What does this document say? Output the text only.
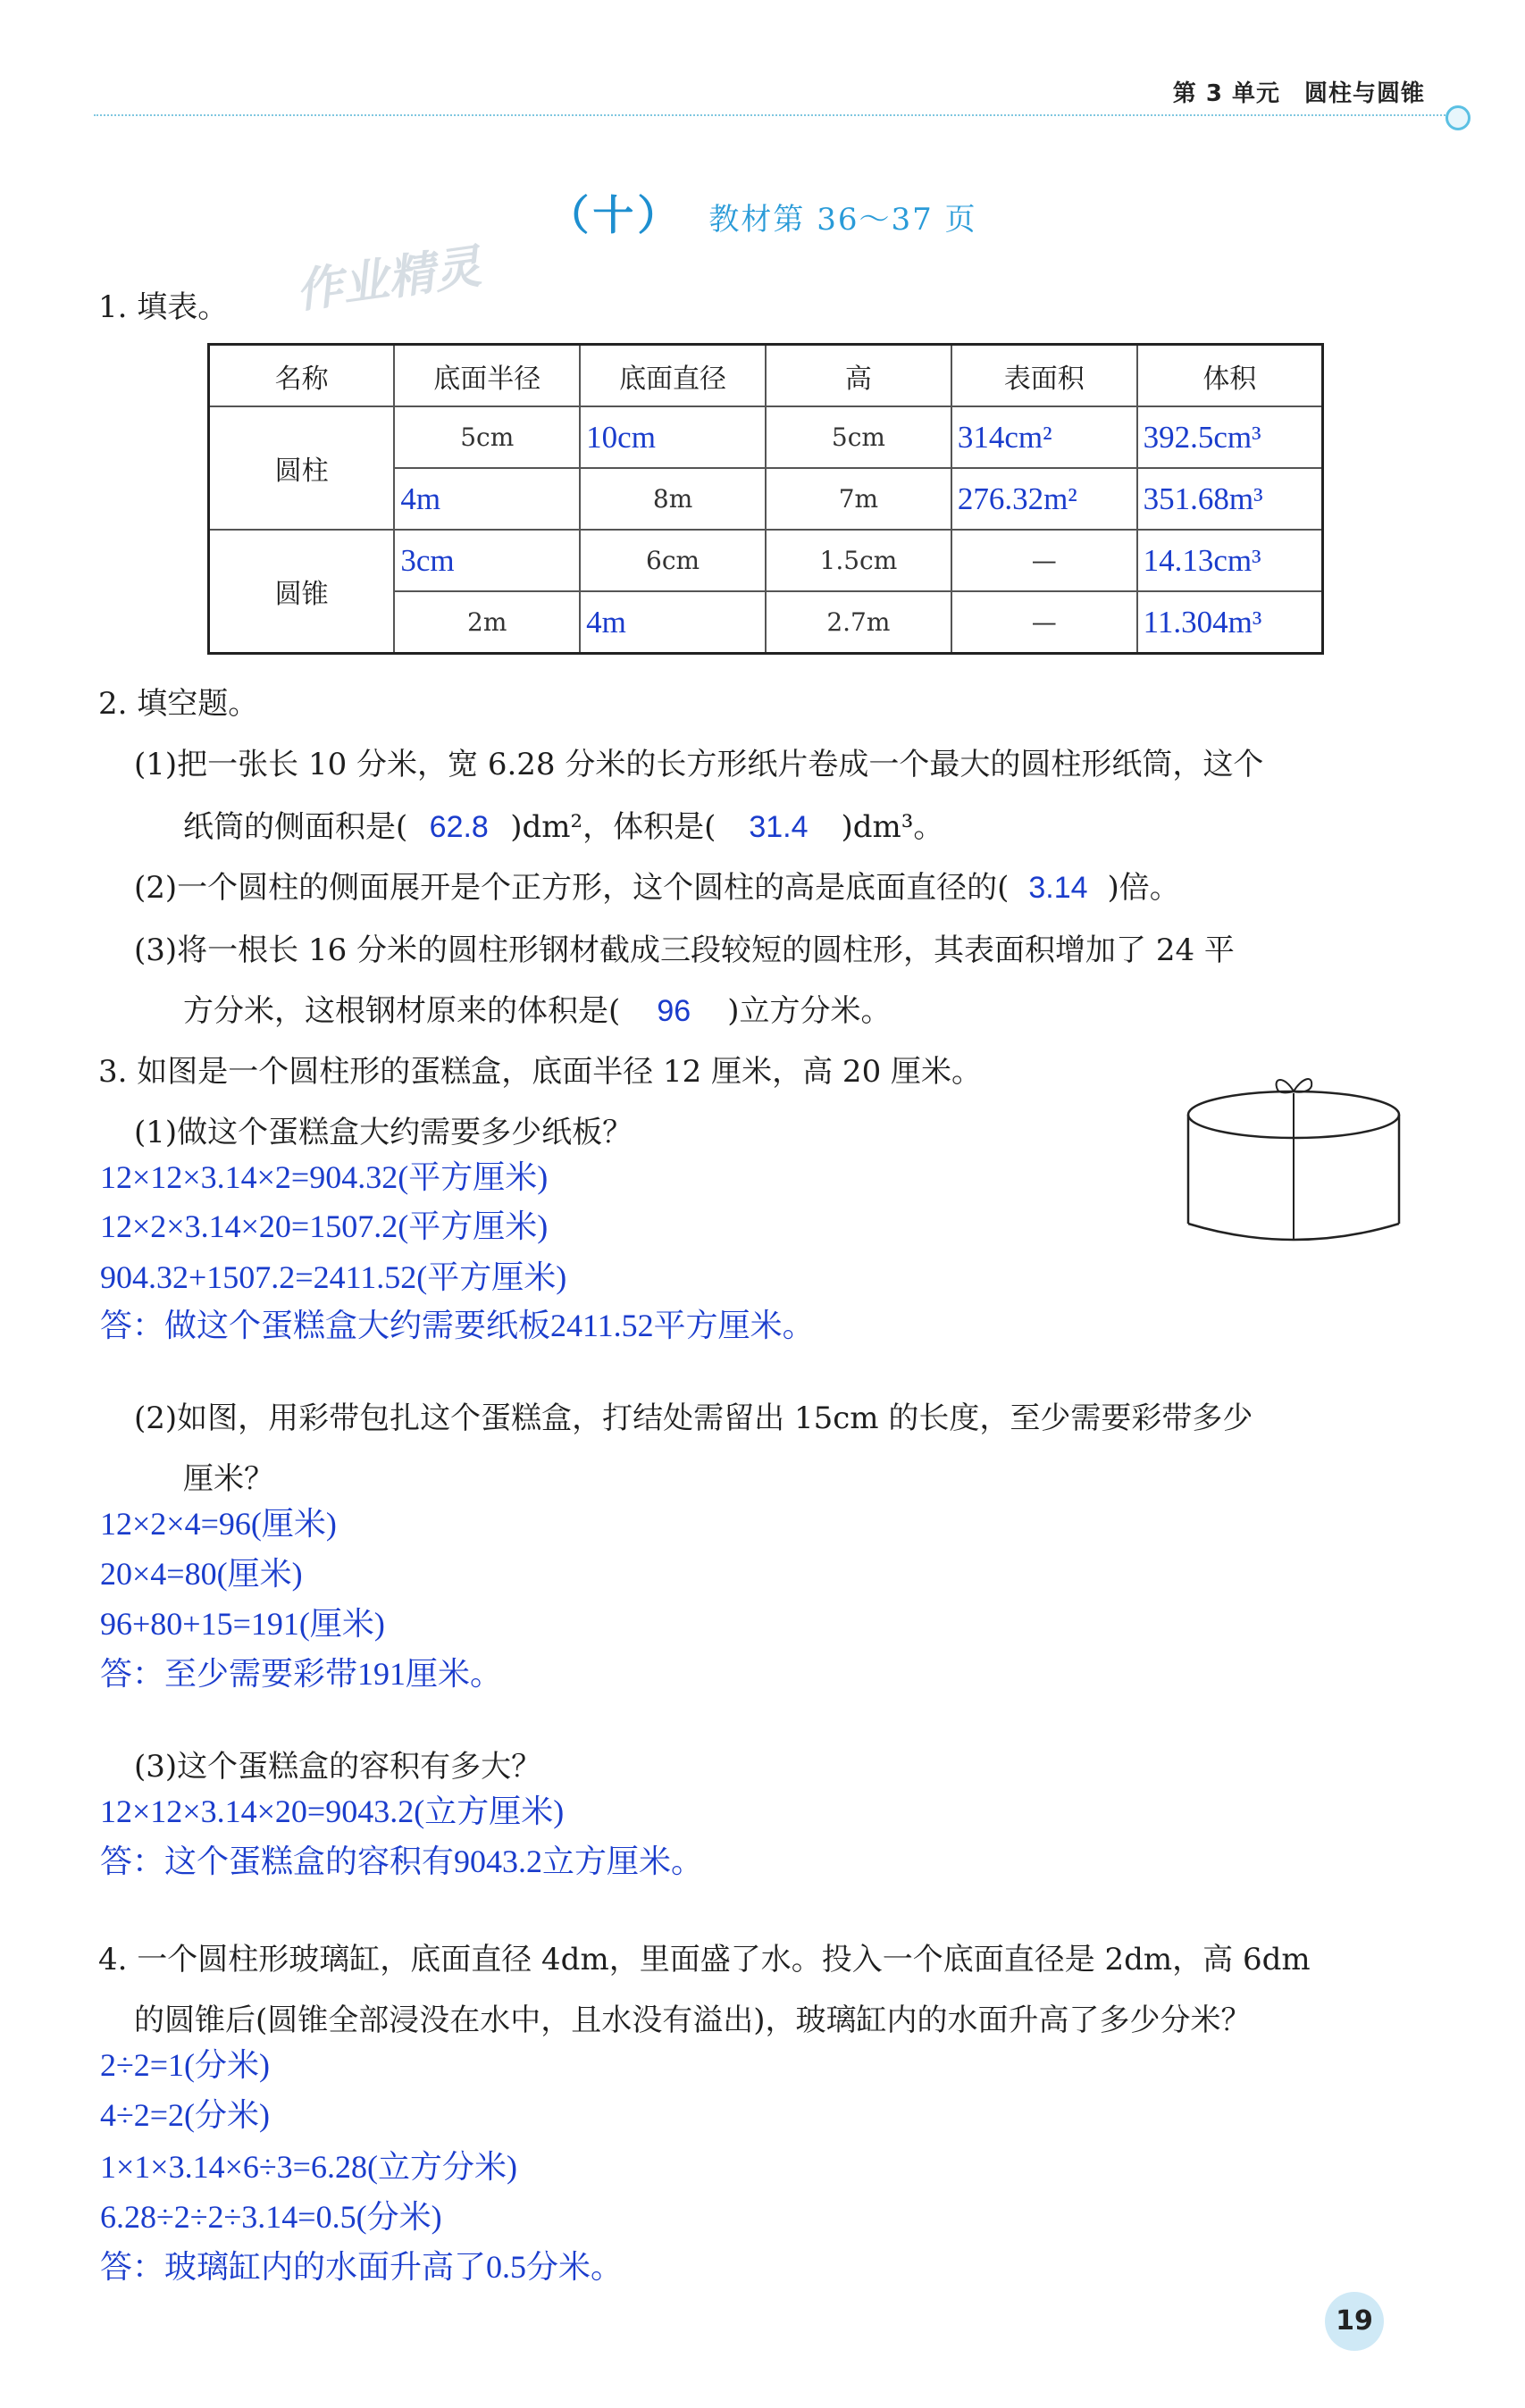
第 3 单元　圆柱与圆锥
（十） 教材第 36～37 页
作业精灵
1. 填表。
名称	底面半径	底面直径	高	表面积	体积
圆柱	5cm	10cm	5cm	314cm²	392.5cm³
	4m	8m	7m	276.32m²	351.68m³
圆锥	3cm	6cm	1.5cm	—	14.13cm³
	2m	4m	2.7m	—	11.304m³
2. 填空题。
(1)把一张长 10 分米，宽 6.28 分米的长方形纸片卷成一个最大的圆柱形纸筒，这个
纸筒的侧面积是( 62.8 )dm²，体积是( 31.4 )dm³。
(2)一个圆柱的侧面展开是个正方形，这个圆柱的高是底面直径的( 3.14 )倍。
(3)将一根长 16 分米的圆柱形钢材截成三段较短的圆柱形，其表面积增加了 24 平
方分米，这根钢材原来的体积是( 96 )立方分米。
3. 如图是一个圆柱形的蛋糕盒，底面半径 12 厘米，高 20 厘米。
(1)做这个蛋糕盒大约需要多少纸板？
12×12×3.14×2=904.32(平方厘米)
12×2×3.14×20=1507.2(平方厘米)
904.32+1507.2=2411.52(平方厘米)
答：做这个蛋糕盒大约需要纸板2411.52平方厘米。
(2)如图，用彩带包扎这个蛋糕盒，打结处需留出 15cm 的长度，至少需要彩带多少
厘米？
12×2×4=96(厘米)
20×4=80(厘米)
96+80+15=191(厘米)
答：至少需要彩带191厘米。
(3)这个蛋糕盒的容积有多大？
12×12×3.14×20=9043.2(立方厘米)
答：这个蛋糕盒的容积有9043.2立方厘米。
4. 一个圆柱形玻璃缸，底面直径 4dm，里面盛了水。投入一个底面直径是 2dm，高 6dm
的圆锥后(圆锥全部浸没在水中，且水没有溢出)，玻璃缸内的水面升高了多少分米？
2÷2=1(分米)
4÷2=2(分米)
1×1×3.14×6÷3=6.28(立方分米)
6.28÷2÷2÷3.14=0.5(分米)
答：玻璃缸内的水面升高了0.5分米。
19
